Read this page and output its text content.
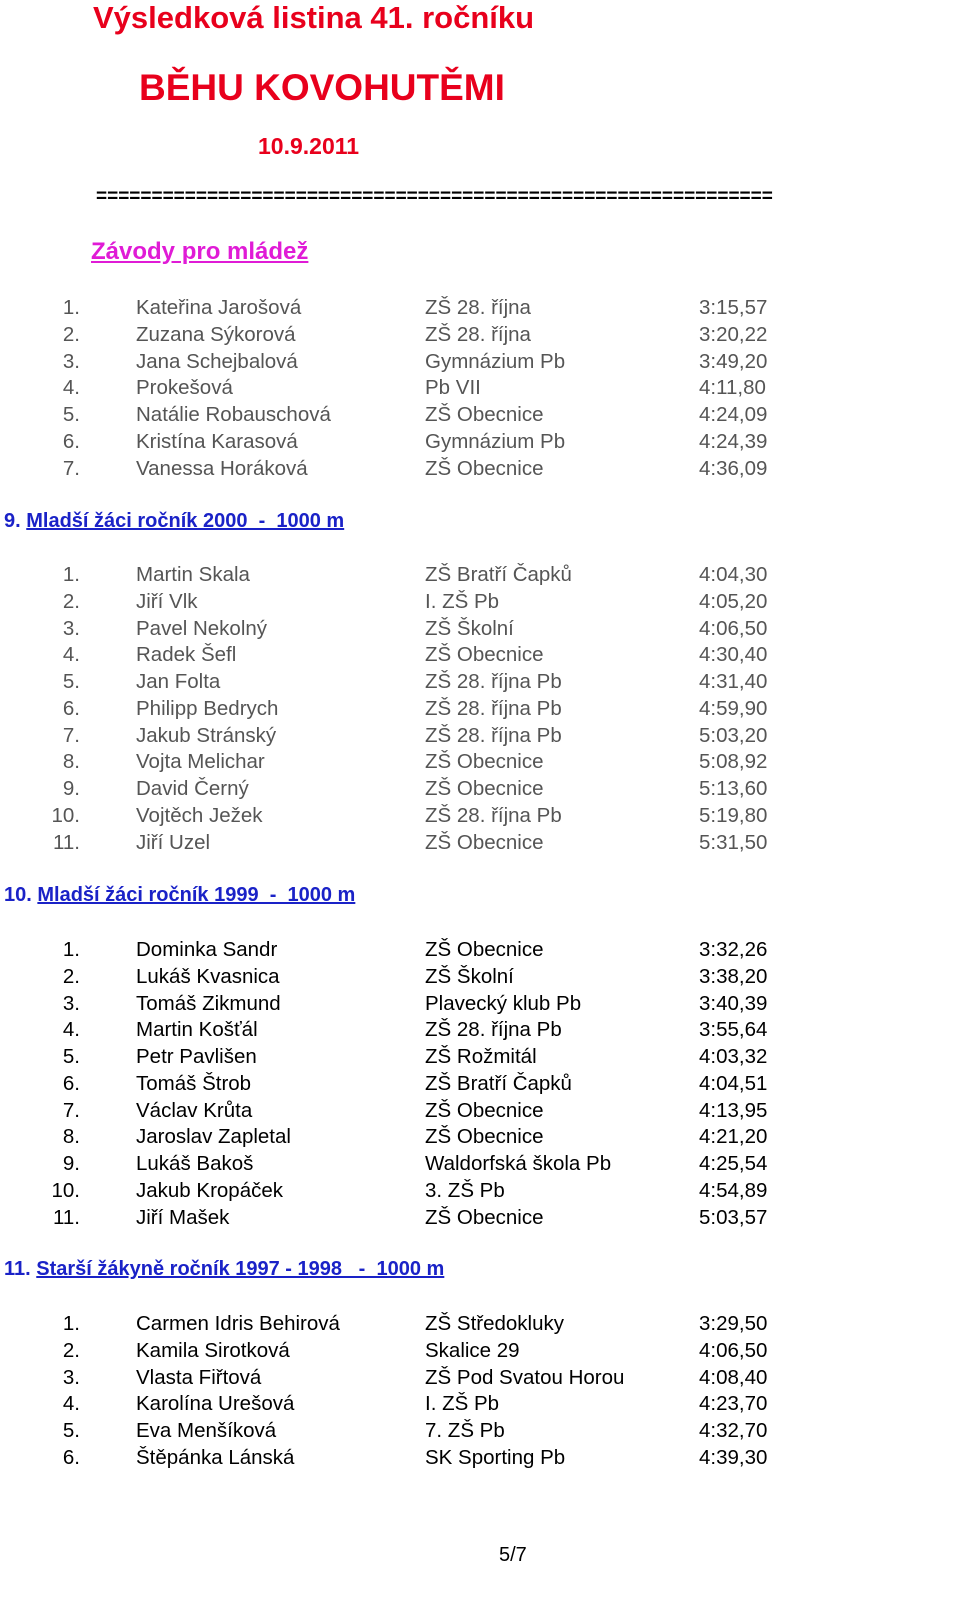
Výsledková listina 41. ročníku
BĚHU KOVOHUTĚMI
10.9.2011
=============================================================
Závody pro mládež
1.	Kateřina Jarošová	ZŠ 28. října	3:15,57
2.	Zuzana Sýkorová	ZŠ 28. října	3:20,22
3.	Jana Schejbalová	Gymnázium Pb	3:49,20
4.	Prokešová	Pb VII	4:11,80
5.	Natálie Robauschová	ZŠ Obecnice	4:24,09
6.	Kristína Karasová	Gymnázium Pb	4:24,39
7.	Vanessa Horáková	ZŠ Obecnice	4:36,09
9. Mladší žáci ročník 2000  -  1000 m
1.	Martin Skala	ZŠ Bratří Čapků	4:04,30
2.	Jiří Vlk	I. ZŠ Pb	4:05,20
3.	Pavel Nekolný	ZŠ Školní	4:06,50
4.	Radek Šefl	ZŠ Obecnice	4:30,40
5.	Jan Folta	ZŠ 28. října Pb	4:31,40
6.	Philipp Bedrych	ZŠ 28. října Pb	4:59,90
7.	Jakub Stránský	ZŠ 28. října Pb	5:03,20
8.	Vojta Melichar	ZŠ Obecnice	5:08,92
9.	David Černý	ZŠ Obecnice	5:13,60
10.	Vojtěch Ježek	ZŠ 28. října Pb	5:19,80
11.	Jiří Uzel	ZŠ Obecnice	5:31,50
10. Mladší žáci ročník 1999  -  1000 m
1.	Dominka Sandr	ZŠ Obecnice	3:32,26
2.	Lukáš Kvasnica	ZŠ Školní	3:38,20
3.	Tomáš Zikmund	Plavecký klub Pb	3:40,39
4.	Martin Košťál	ZŠ 28. října Pb	3:55,64
5.	Petr Pavlišen	ZŠ Rožmitál	4:03,32
6.	Tomáš Štrob	ZŠ Bratří Čapků	4:04,51
7.	Václav Krůta	ZŠ Obecnice	4:13,95
8.	Jaroslav Zapletal	ZŠ Obecnice	4:21,20
9.	Lukáš Bakoš	Waldorfská škola Pb	4:25,54
10.	Jakub Kropáček	3. ZŠ Pb	4:54,89
11.	Jiří Mašek	ZŠ Obecnice	5:03,57
11. Starší žákyně ročník 1997 - 1998   -  1000 m
1.	Carmen Idris Behirová	ZŠ Středokluky	3:29,50
2.	Kamila Sirotková	Skalice 29	4:06,50
3.	Vlasta Fiřtová	ZŠ Pod Svatou Horou	4:08,40
4.	Karolína Urešová	I. ZŠ Pb	4:23,70
5.	Eva Menšíková	7. ZŠ Pb	4:32,70
6.	Štěpánka Lánská	SK Sporting Pb	4:39,30
5/7
